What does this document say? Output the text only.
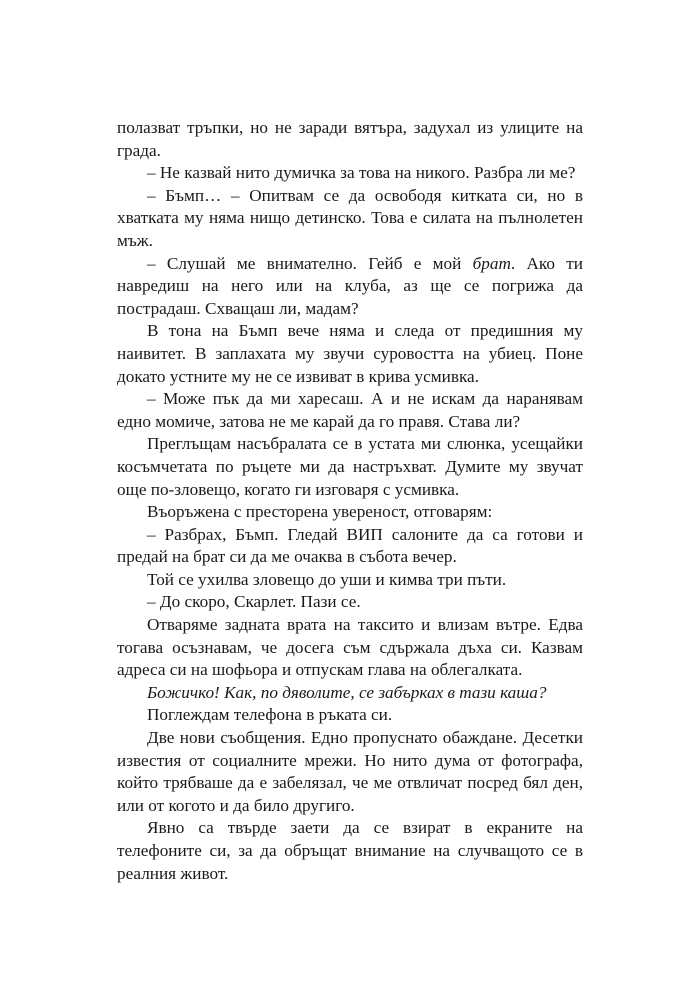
полазват тръпки, но не заради вятъра, задухал из улиците на града.

– Не казвай нито думичка за това на никого. Разбра ли ме?

– Бъмп… – Опитвам се да освободя китката си, но в хватката му няма нищо детинско. Това е силата на пълнолетен мъж.

– Слушай ме внимателно. Гейб е мой брат. Ако ти навредиш на него или на клуба, аз ще се погрижа да пострадаш. Схващаш ли, мадам?

В тона на Бъмп вече няма и следа от предишния му наивитет. В заплахата му звучи суровостта на убиец. Поне докато устните му не се извиват в крива усмивка.

– Може пък да ми харесаш. А и не искам да наранявам едно момиче, затова не ме карай да го правя. Става ли?

Преглъщам насъбралата се в устата ми слюнка, усещайки косъмчетата по ръцете ми да настръхват. Думите му звучат още по-зловещо, когато ги изговаря с усмивка.

Въоръжена с престорена увереност, отговарям:

– Разбрах, Бъмп. Гледай ВИП салоните да са готови и предай на брат си да ме очаква в събота вечер.

Той се ухилва зловещо до уши и кимва три пъти.

– До скоро, Скарлет. Пази се.

Отваряме задната врата на таксито и влизам вътре. Едва тогава осъзнавам, че досега съм сдържала дъха си. Казвам адреса си на шофьора и отпускам глава на облегалката.

Божичко! Как, по дяволите, се забърках в тази каша?

Поглеждам телефона в ръката си.

Две нови съобщения. Едно пропуснато обаждане. Десетки известия от социалните мрежи. Но нито дума от фотографа, който трябваше да е забелязал, че ме отвличат посред бял ден, или от когото и да било другиго.

Явно са твърде заети да се взират в екраните на телефоните си, за да обръщат внимание на случващото се в реалния живот.
